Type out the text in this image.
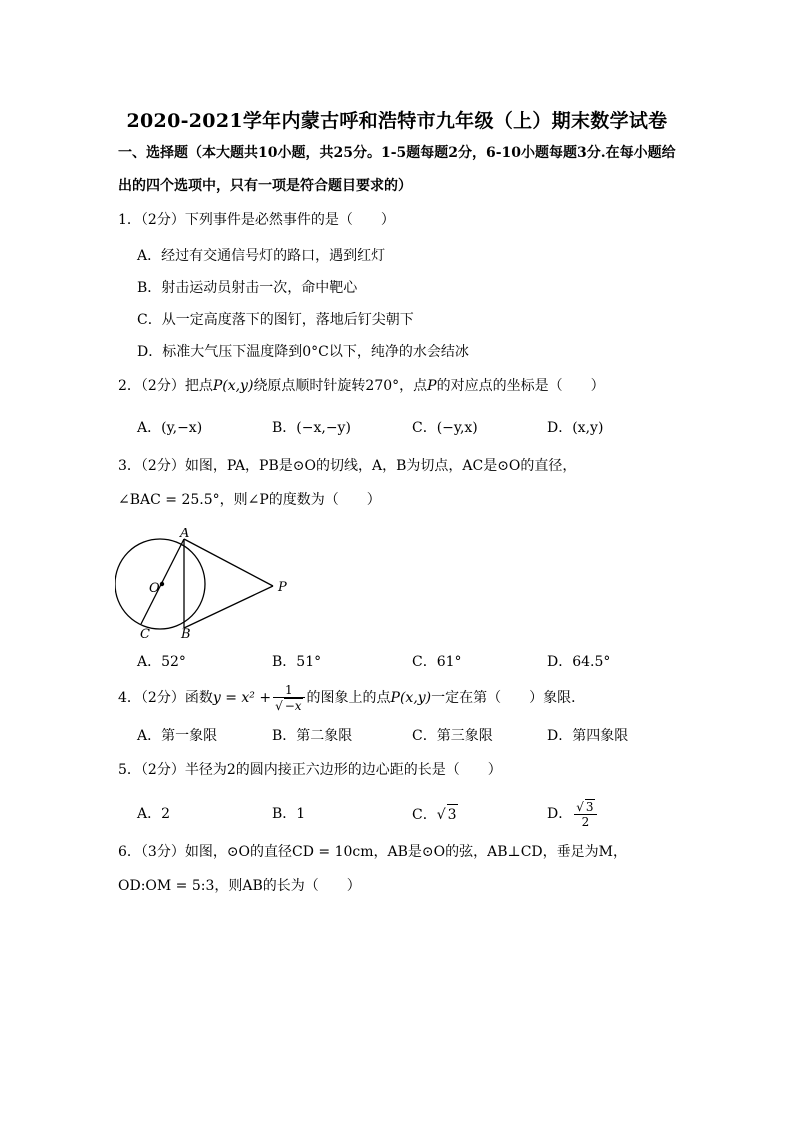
2020-2021学年内蒙古呼和浩特市九年级（上）期末数学试卷
一、选择题（本大题共10小题，共25分。1-5题每题2分，6-10小题每题3分.在每小题给
出的四个选项中，只有一项是符合题目要求的）
1．（2分）下列事件是必然事件的是（　　）
A．经过有交通信号灯的路口，遇到红灯
B．射击运动员射击一次，命中靶心
C．从一定高度落下的图钉，落地后钉尖朝下
D．标准大气压下温度降到0°C以下，纯净的水会结冰
2．（2分）把点P(x,y)绕原点顺时针旋转270°，点P的对应点的坐标是（　　）
A．(y,−x)	B．(−x,−y)	C．(−y,x)	D．(x,y)
3．（2分）如图，PA，PB是⊙O的切线，A，B为切点，AC是⊙O的直径，
∠BAC = 25.5°，则∠P的度数为（　　）
A
O	P
C B
A．52°	B．51°	C．61°	D．64.5°
4．（2分）函数$y = x^2 + \frac{1}{√ -x}$ 的图象上的点P(x,y)一定在第（　　）象限．
A．第一象限	B．第二象限	C．第三象限	D．第四象限
5．（2分）半径为2的圆内接正六边形的边心距的长是（　　）
A．2	B．1	C．√ 3	D． $\frac{√ 3}{2}$
6．（3分）如图，⊙O的直径CD = 10cm，AB是⊙O的弦，AB⊥CD，垂足为M，
OD:OM = 5:3，则AB的长为（　　）
